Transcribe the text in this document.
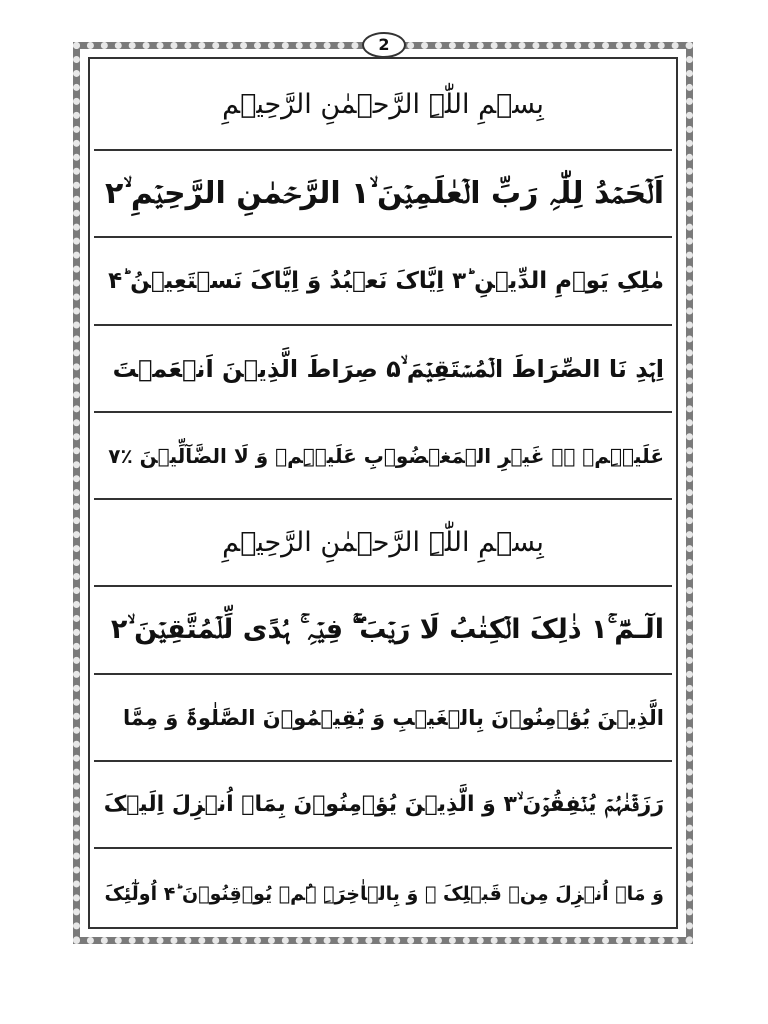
بِسۡمِ اللّٰہِ الرَّحۡمٰنِ الرَّحِیۡمِ
اَلۡحَمۡدُ لِلّٰہِ رَبِّ الۡعٰلَمِیۡنَ ۙ۱ الرَّحۡمٰنِ الرَّحِیۡمِ ۙ۲
مٰلِکِ یَوۡمِ الدِّیۡنِ ؕ۳ اِیَّاکَ نَعۡبُدُ وَ اِیَّاکَ نَسۡتَعِیۡنُ ؕ۴
اِہۡدِ نَا الصِّرَاطَ الۡمُسۡتَقِیۡمَ ۙ۵ صِرَاطَ الَّذِیۡنَ اَنۡعَمۡتَ
عَلَیۡہِمۡ ۬ۙ غَیۡرِ الۡمَغۡضُوۡبِ عَلَیۡہِمۡ وَ لَا الضَّآلِّیۡنَ ٪۷
بِسۡمِ اللّٰہِ الرَّحۡمٰنِ الرَّحِیۡمِ
الٓـمّٓ ۚ۱ ذٰلِکَ الۡکِتٰبُ لَا رَیۡبَ ۚۖ فِیۡہِ ۚ ہُدًی لِّلۡمُتَّقِیۡنَ ۙ۲
الَّذِیۡنَ یُؤۡمِنُوۡنَ بِالۡغَیۡبِ وَ یُقِیۡمُوۡنَ الصَّلٰوۃَ وَ مِمَّا
رَزَقۡنٰہُمۡ یُنۡفِقُوۡنَ ۙ۳ وَ الَّذِیۡنَ یُؤۡمِنُوۡنَ بِمَاۤ اُنۡزِلَ اِلَیۡکَ
وَ مَاۤ اُنۡزِلَ مِنۡ قَبۡلِکَ ۚ وَ بِالۡاٰخِرَۃِ ہُمۡ یُوۡقِنُوۡنَ ؕ۴ اُولٰٓئِکَ
2
